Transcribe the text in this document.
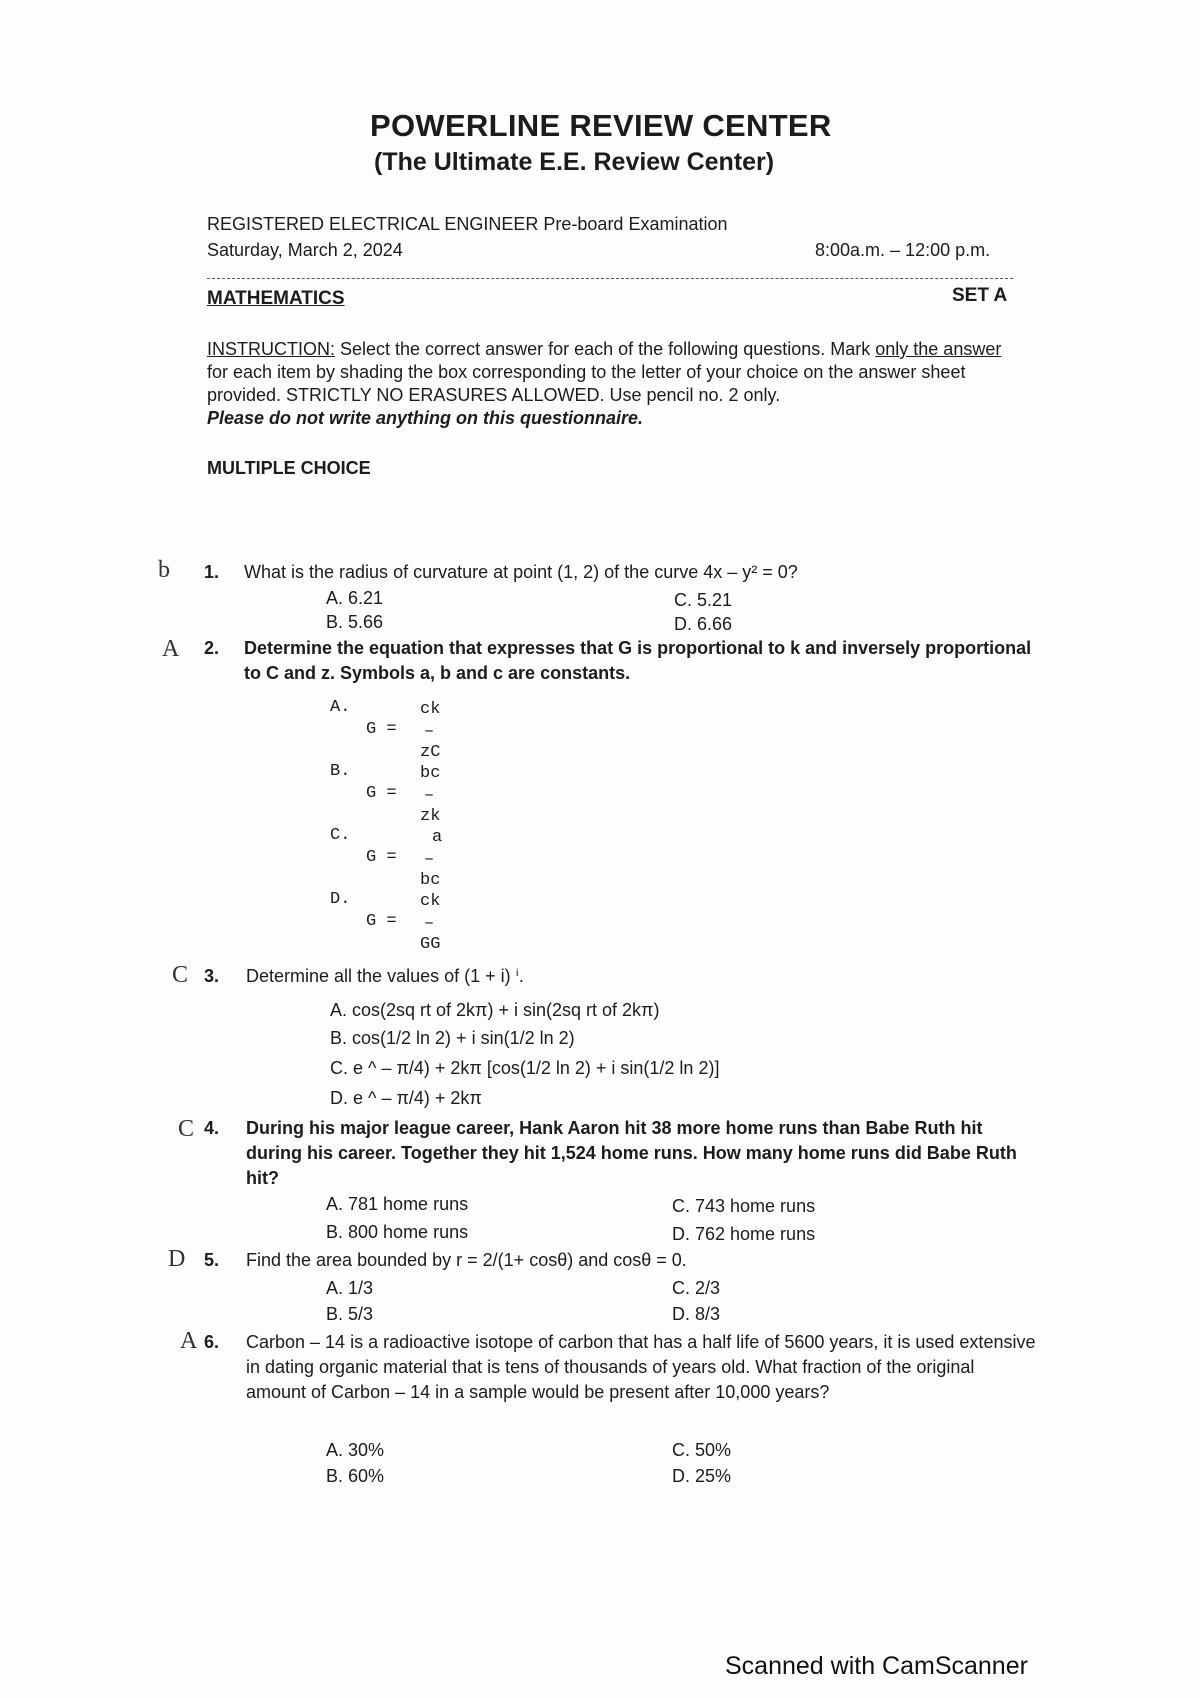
POWERLINE REVIEW CENTER
(The Ultimate E.E. Review Center)
REGISTERED ELECTRICAL ENGINEER Pre-board Examination
Saturday, March 2, 2024	8:00a.m. – 12:00 p.m.
MATHEMATICS	SET A
INSTRUCTION: Select the correct answer for each of the following questions. Mark only the answer for each item by shading the box corresponding to the letter of your choice on the answer sheet provided. STRICTLY NO ERASURES ALLOWED. Use pencil no. 2 only.
Please do not write anything on this questionnaire.
MULTIPLE CHOICE
b 1. What is the radius of curvature at point (1, 2) of the curve 4x – y² = 0?
A. 6.21
B. 5.66
C. 5.21
D. 6.66
A 2. Determine the equation that expresses that G is proportional to k and inversely proportional to C and z. Symbols a, b and c are constants.
A.	ck
G = –
zC
B.	bc
G = –
zk
C.	a
G = –
bc
D.	ck
G = –
GG
C 3. Determine all the values of (1 + i) ⁱ.
A. cos(2sq rt of 2kπ) + i sin(2sq rt of 2kπ)
B. cos(1/2 ln 2) + i sin(1/2 ln 2)
C. e ^ – π/4) + 2kπ [cos(1/2 ln 2) + i sin(1/2 ln 2)]
D. e ^ – π/4) + 2kπ
C 4. During his major league career, Hank Aaron hit 38 more home runs than Babe Ruth hit during his career. Together they hit 1,524 home runs. How many home runs did Babe Ruth hit?
A. 781 home runs
B. 800 home runs
C. 743 home runs
D. 762 home runs
D 5. Find the area bounded by r = 2/(1+ cosθ) and cosθ = 0.
A. 1/3
B. 5/3
C. 2/3
D. 8/3
A 6. Carbon – 14 is a radioactive isotope of carbon that has a half life of 5600 years, it is used extensive in dating organic material that is tens of thousands of years old. What fraction of the original amount of Carbon – 14 in a sample would be present after 10,000 years?
A. 30%
B. 60%
C. 50%
D. 25%
Scanned with CamScanner
